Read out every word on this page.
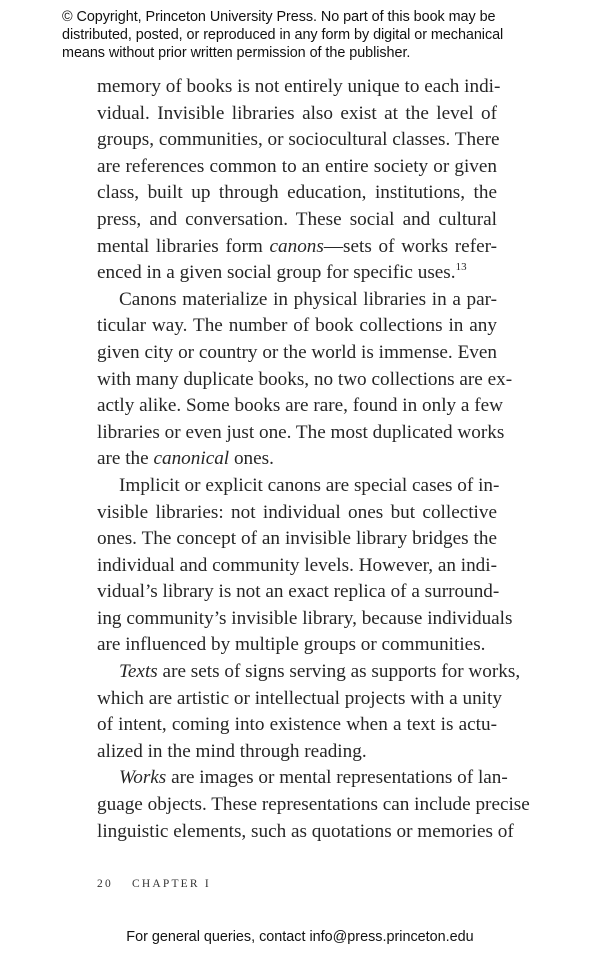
© Copyright, Princeton University Press. No part of this book may be
distributed, posted, or reproduced in any form by digital or mechanical
means without prior written permission of the publisher.
memory of books is not entirely unique to each indi-
vidual. Invisible libraries also exist at the level of
groups, communities, or sociocultural classes. There
are references common to an entire society or given
class, built up through education, institutions, the
press, and conversation. These social and cultural
mental libraries form canons—sets of works refer-
enced in a given social group for specific uses.$^{13}$
Canons materialize in physical libraries in a par-
ticular way. The number of book collections in any
given city or country or the world is immense. Even
with many duplicate books, no two collections are ex-
actly alike. Some books are rare, found in only a few
libraries or even just one. The most duplicated works
are the canonical ones.
Implicit or explicit canons are special cases of in-
visible libraries: not individual ones but collective
ones. The concept of an invisible library bridges the
individual and community levels. However, an indi-
vidual’s library is not an exact replica of a surround-
ing community’s invisible library, because individuals
are influenced by multiple groups or communities.
Texts are sets of signs serving as supports for works,
which are artistic or intellectual projects with a unity
of intent, coming into existence when a text is actu-
alized in the mind through reading.
Works are images or mental representations of lan-
guage objects. These representations can include precise
linguistic elements, such as quotations or memories of
20 CHAPTER I
For general queries, contact info@press.princeton.edu
